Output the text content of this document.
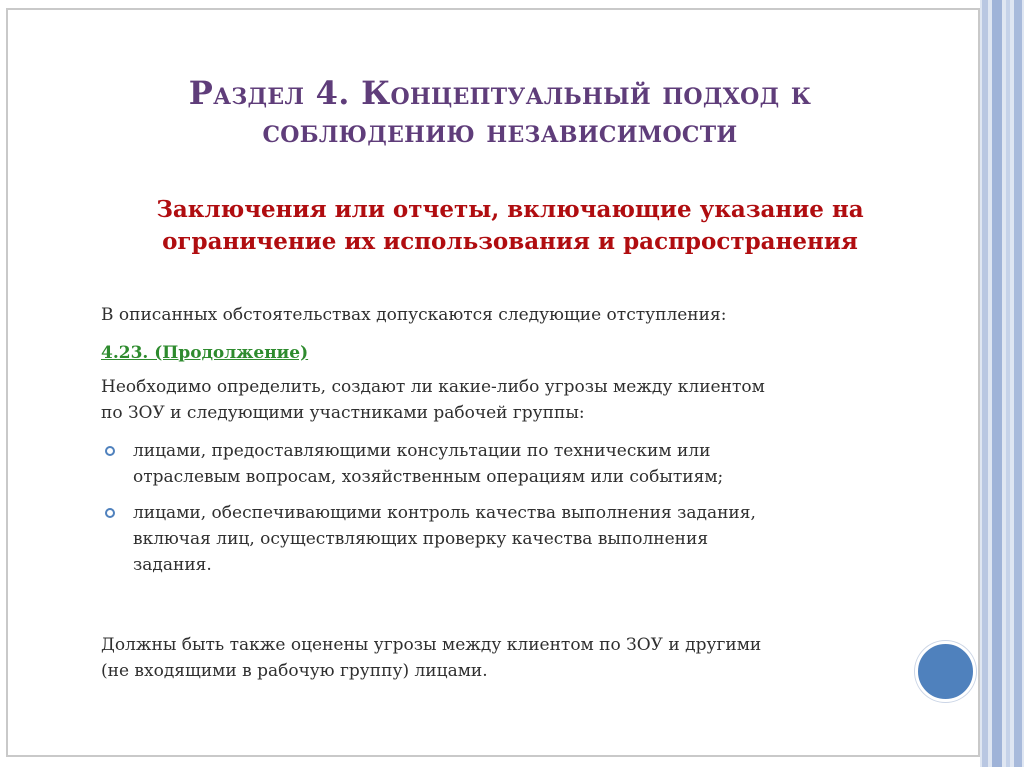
Раздел 4. Концептуальный подход к
соблюдению независимости
Заключения или отчеты, включающие указание на
ограничение их использования и распространения

В описанных обстоятельствах допускаются следующие отступления:

4.23. (Продолжение)

Необходимо определить, создают ли какие-либо угрозы между клиентом
по ЗОУ и следующими участниками рабочей группы:

лицами, предоставляющими консультации по техническим или
отраслевым вопросам, хозяйственным операциям или событиям;
лицами, обеспечивающими контроль качества выполнения задания,
включая лиц, осуществляющих проверку качества выполнения
задания.

Должны быть также оценены угрозы между клиентом по ЗОУ и другими
(не входящими в рабочую группу) лицами.
